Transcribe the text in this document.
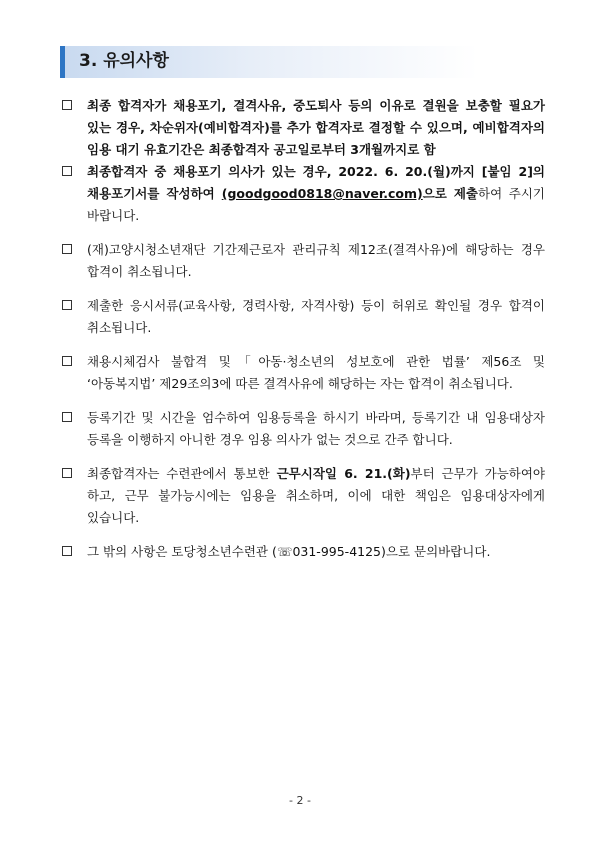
3. 유의사항
최종 합격자가 채용포기, 결격사유, 중도퇴사 등의 이유로 결원을 보충할 필요가 있는 경우, 차순위자(예비합격자)를 추가 합격자로 결정할 수 있으며, 예비합격자의 임용 대기 유효기간은 최종합격자 공고일로부터 3개월까지로 함
최종합격자 중 채용포기 의사가 있는 경우, 2022. 6. 20.(월)까지 [붙임 2]의 채용포기서를 작성하여 (goodgood0818@naver.com)으로 제출하여 주시기 바랍니다.
(재)고양시청소년재단 기간제근로자 관리규칙 제12조(결격사유)에 해당하는 경우 합격이 취소됩니다.
제출한 응시서류(교육사항, 경력사항, 자격사항) 등이 허위로 확인될 경우 합격이 취소됩니다.
채용시체검사 불합격 및「아동·청소년의 성보호에 관한 법률’ 제56조 및 ‘아동복지법’ 제29조의3에 따른 결격사유에 해당하는 자는 합격이 취소됩니다.
등록기간 및 시간을 엄수하여 임용등록을 하시기 바라며, 등록기간 내 임용대상자 등록을 이행하지 아니한 경우 임용 의사가 없는 것으로 간주 합니다.
최종합격자는 수련관에서 통보한 근무시작일 6. 21.(화)부터 근무가 가능하여야 하고, 근무 불가능시에는 임용을 취소하며, 이에 대한 책임은 임용대상자에게 있습니다.
그 밖의 사항은 토당청소년수련관 (☏031-995-4125)으로 문의바랍니다.
- 2 -
